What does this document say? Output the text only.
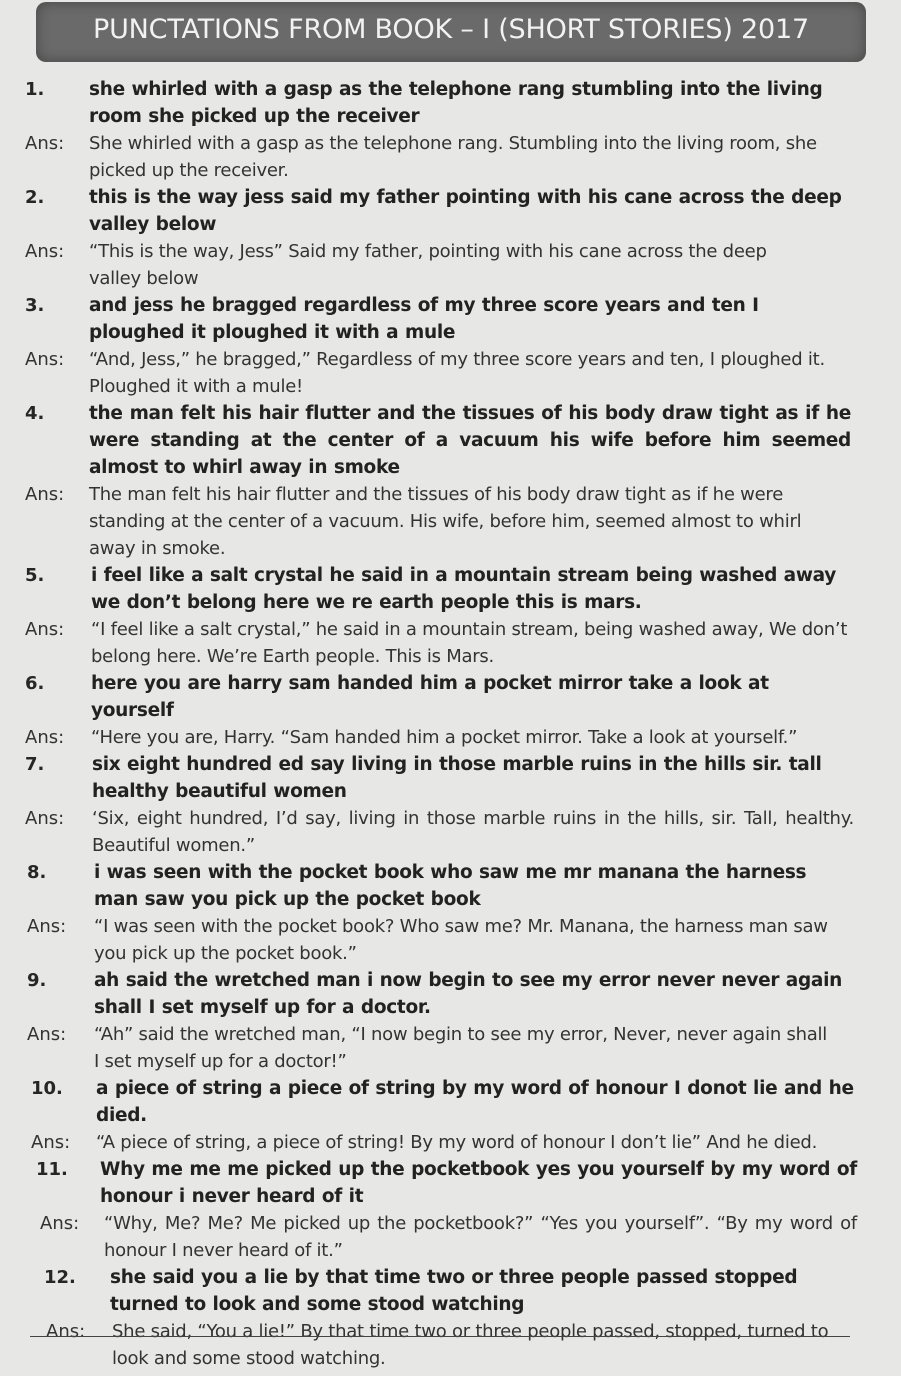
PUNCTATIONS FROM BOOK – I (SHORT STORIES) 2017
1.	she whirled with a gasp as the telephone rang stumbling into the living room she picked up the receiver
Ans:	She whirled with a gasp as the telephone rang. Stumbling into the living room, she picked up the receiver.
2.	this is the way jess said my father pointing with his cane across the deep valley below
Ans:	“This is the way, Jess” Said my father, pointing with his cane across the deep valley below
3.	and jess he bragged regardless of my three score years and ten I ploughed it ploughed it with a mule
Ans:	“And, Jess,” he bragged,” Regardless of my three score years and ten, I ploughed it. Ploughed it with a mule!
4.	the man felt his hair flutter and the tissues of his body draw tight as if he were standing at the center of a vacuum his wife before him seemed almost to whirl away in smoke
Ans:	The man felt his hair flutter and the tissues of his body draw tight as if he were standing at the center of a vacuum. His wife, before him, seemed almost to whirl away in smoke.
5.	i feel like a salt crystal he said in a mountain stream being washed away we don’t belong here we re earth people this is mars.
Ans:	“I feel like a salt crystal,” he said in a mountain stream, being washed away, We don’t belong here. We’re Earth people. This is Mars.
6.	here you are harry sam handed him a pocket mirror take a look at yourself
Ans:	“Here you are, Harry. “Sam handed him a pocket mirror. Take a look at yourself.”
7.	six eight hundred ed say living in those marble ruins in the hills sir. tall healthy beautiful women
Ans:	‘Six, eight hundred, I’d say, living in those marble ruins in the hills, sir. Tall, healthy. Beautiful women.”
8.	i was seen with the pocket book who saw me mr manana the harness man saw you pick up the pocket book
Ans:	“I was seen with the pocket book? Who saw me? Mr. Manana, the harness man saw you pick up the pocket book.”
9.	ah said the wretched man i now begin to see my error never never again shall I set myself up for a doctor.
Ans:	“Ah” said the wretched man, “I now begin to see my error, Never, never again shall I set myself up for a doctor!”
10.	a piece of string a piece of string by my word of honour I donot lie and he died.
Ans:	“A piece of string, a piece of string! By my word of honour I don’t lie” And he died.
11.	Why me me me picked up the pocketbook yes you yourself by my word of honour i never heard of it
Ans:	“Why, Me? Me? Me picked up the pocketbook?” “Yes you yourself”. “By my word of honour I never heard of it.”
12.	she said you a lie by that time two or three people passed stopped turned to look and some stood watching
Ans:	She said, “You a lie!” By that time two or three people passed, stopped, turned to look and some stood watching.
